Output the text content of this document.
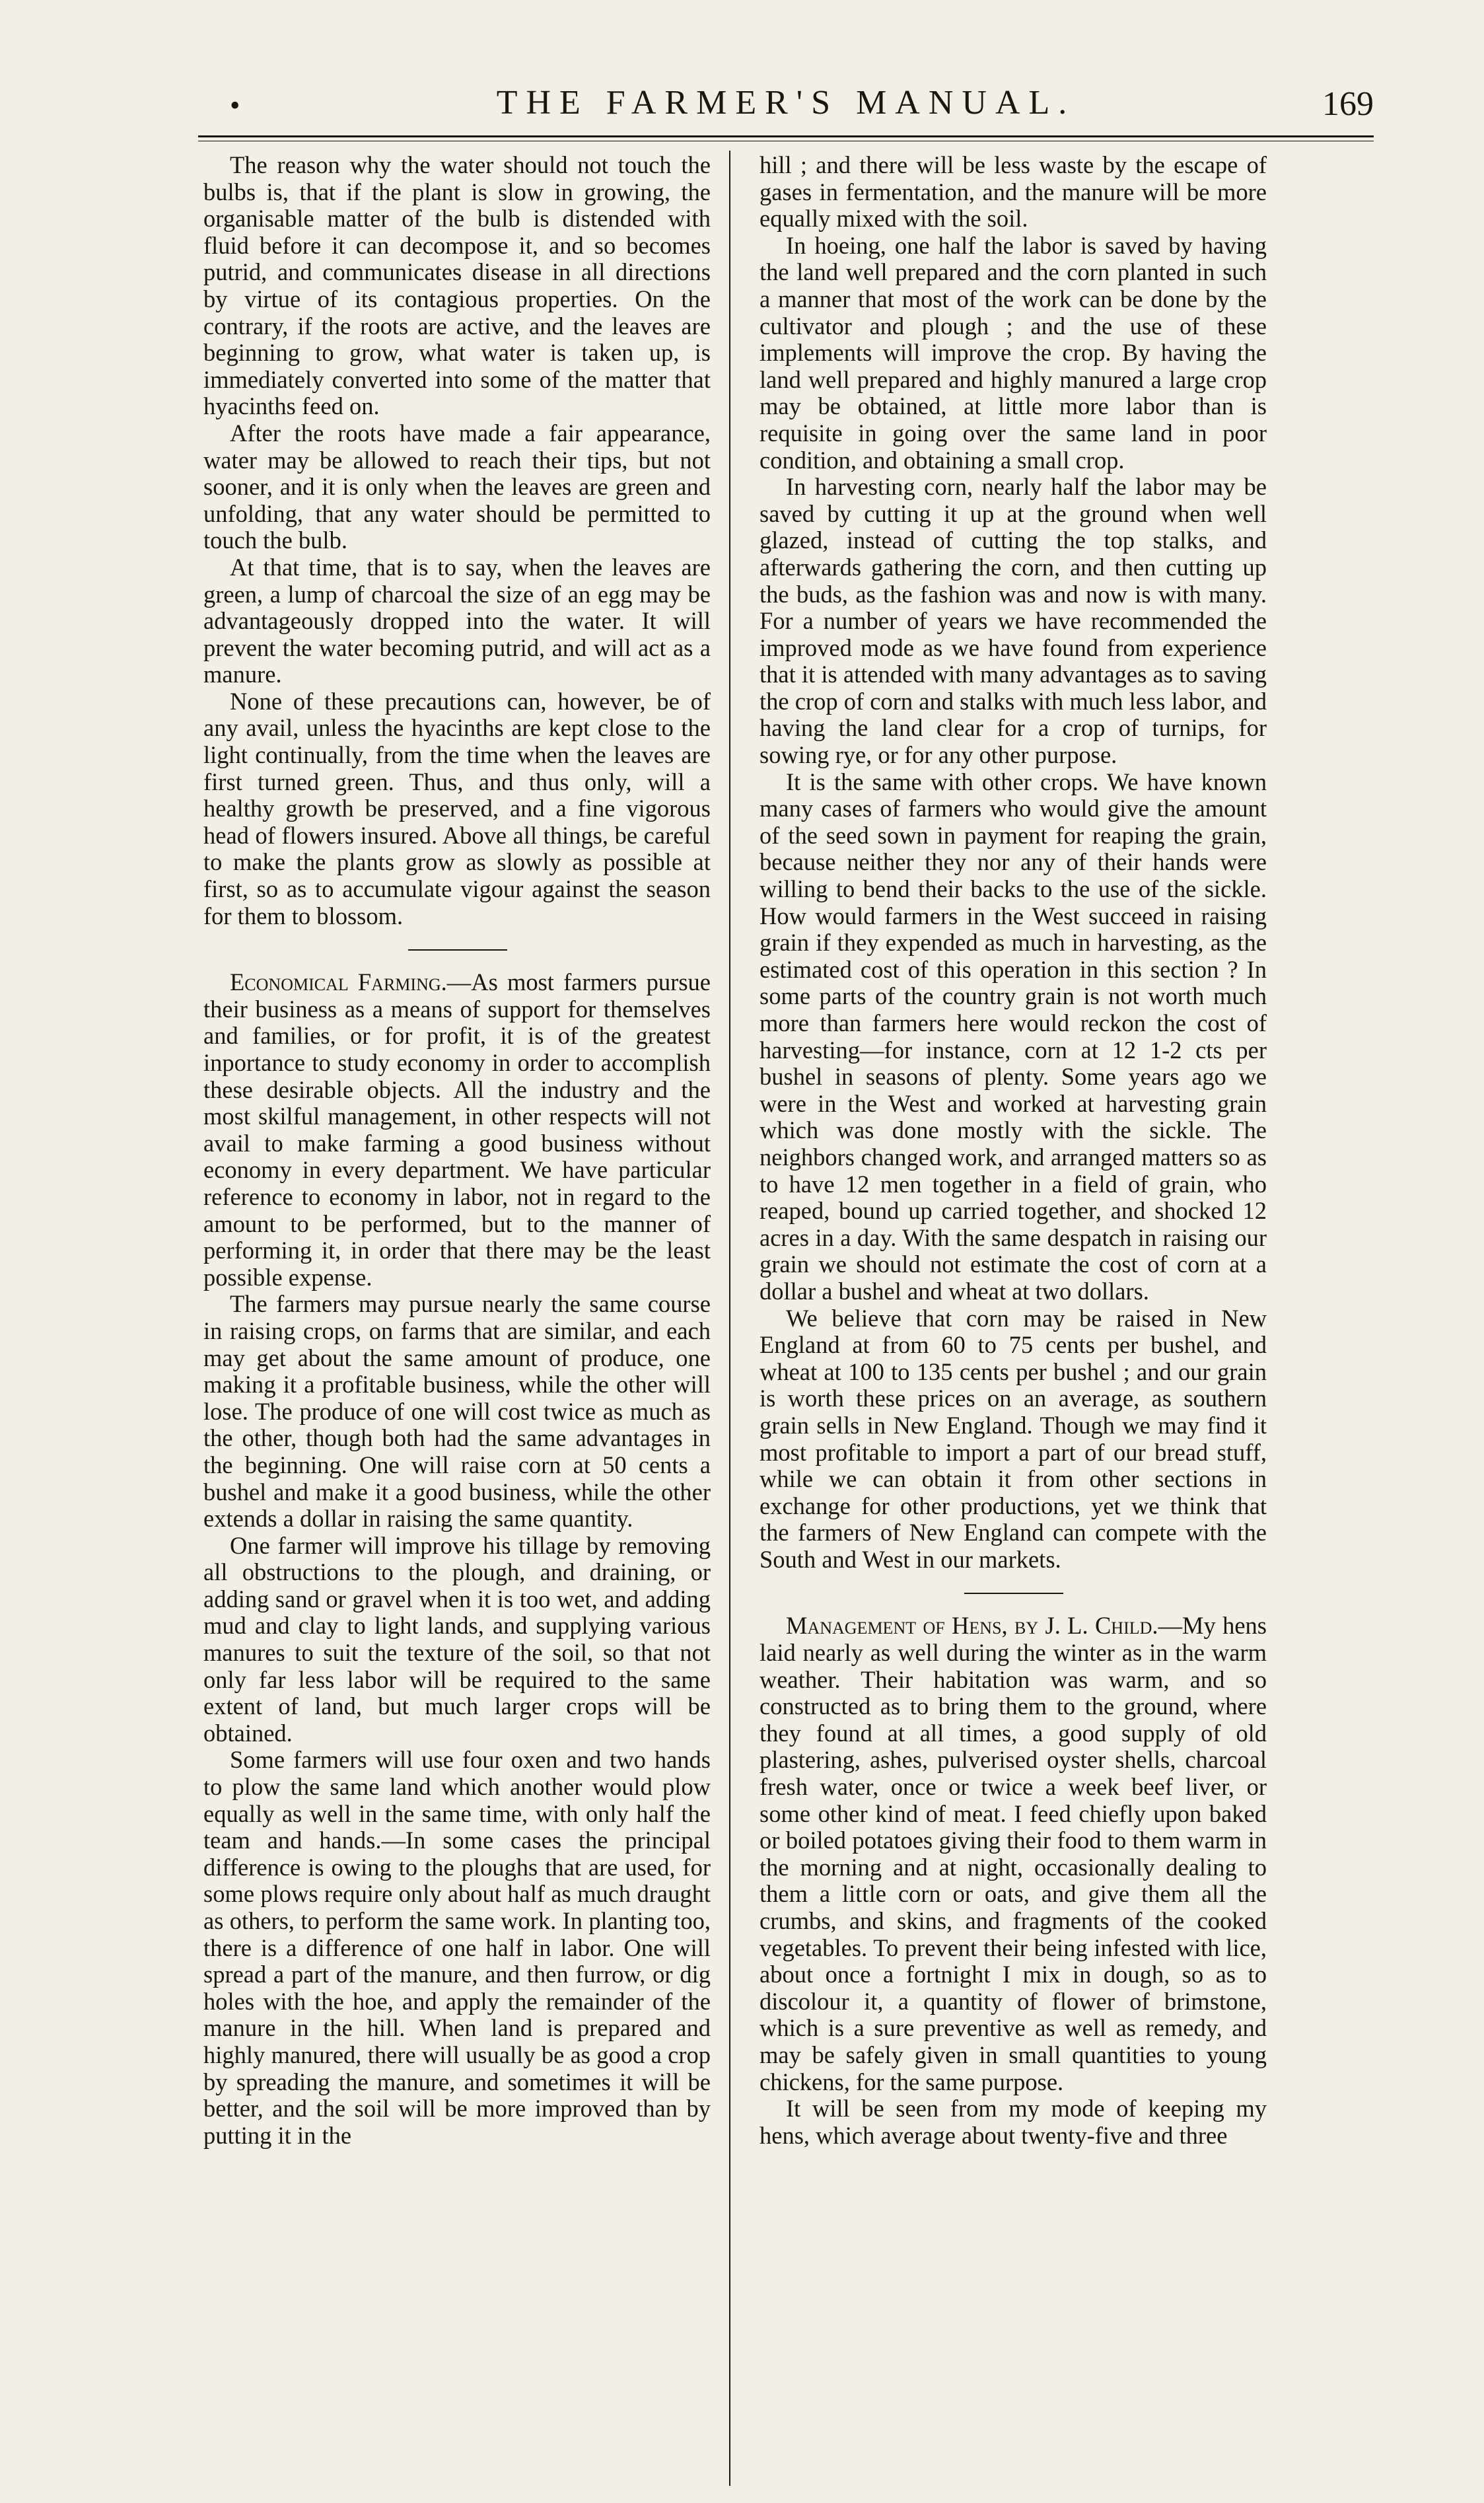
•	THE FARMER'S MANUAL.	169

The reason why the water should not touch the bulbs is, that if the plant is slow in growing, the organisable matter of the bulb is distended with fluid before it can decompose it, and so becomes putrid, and communicates disease in all directions by virtue of its contagious properties. On the contrary, if the roots are active, and the leaves are beginning to grow, what water is taken up, is immediately converted into some of the matter that hyacinths feed on.

After the roots have made a fair appearance, water may be allowed to reach their tips, but not sooner, and it is only when the leaves are green and unfolding, that any water should be permitted to touch the bulb.

At that time, that is to say, when the leaves are green, a lump of charcoal the size of an egg may be advantageously dropped into the water. It will prevent the water becoming putrid, and will act as a manure.

None of these precautions can, however, be of any avail, unless the hyacinths are kept close to the light continually, from the time when the leaves are first turned green. Thus, and thus only, will a healthy growth be preserved, and a fine vigorous head of flowers insured. Above all things, be careful to make the plants grow as slowly as possible at first, so as to accumulate vigour against the season for them to blossom.

Economical Farming.—As most farmers pursue their business as a means of support for themselves and families, or for profit, it is of the greatest inportance to study economy in order to accomplish these desirable objects. All the industry and the most skilful management, in other respects will not avail to make farming a good business without economy in every department. We have particular reference to economy in labor, not in regard to the amount to be performed, but to the manner of performing it, in order that there may be the least possible expense.

The farmers may pursue nearly the same course in raising crops, on farms that are similar, and each may get about the same amount of produce, one making it a profitable business, while the other will lose. The produce of one will cost twice as much as the other, though both had the same advantages in the beginning. One will raise corn at 50 cents a bushel and make it a good business, while the other extends a dollar in raising the same quantity.

One farmer will improve his tillage by removing all obstructions to the plough, and draining, or adding sand or gravel when it is too wet, and adding mud and clay to light lands, and supplying various manures to suit the texture of the soil, so that not only far less labor will be required to the same extent of land, but much larger crops will be obtained.

Some farmers will use four oxen and two hands to plow the same land which another would plow equally as well in the same time, with only half the team and hands.—In some cases the principal difference is owing to the ploughs that are used, for some plows require only about half as much draught as others, to perform the same work. In planting too, there is a difference of one half in labor. One will spread a part of the manure, and then furrow, or dig holes with the hoe, and apply the remainder of the manure in the hill. When land is prepared and highly manured, there will usually be as good a crop by spreading the manure, and sometimes it will be better, and the soil will be more improved than by putting it in the

hill ; and there will be less waste by the escape of gases in fermentation, and the manure will be more equally mixed with the soil.

In hoeing, one half the labor is saved by having the land well prepared and the corn planted in such a manner that most of the work can be done by the cultivator and plough ; and the use of these implements will improve the crop. By having the land well prepared and highly manured a large crop may be obtained, at little more labor than is requisite in going over the same land in poor condition, and obtaining a small crop.

In harvesting corn, nearly half the labor may be saved by cutting it up at the ground when well glazed, instead of cutting the top stalks, and afterwards gathering the corn, and then cutting up the buds, as the fashion was and now is with many. For a number of years we have recommended the improved mode as we have found from experience that it is attended with many advantages as to saving the crop of corn and stalks with much less labor, and having the land clear for a crop of turnips, for sowing rye, or for any other purpose.

It is the same with other crops. We have known many cases of farmers who would give the amount of the seed sown in payment for reaping the grain, because neither they nor any of their hands were willing to bend their backs to the use of the sickle. How would farmers in the West succeed in raising grain if they expended as much in harvesting, as the estimated cost of this operation in this section ? In some parts of the country grain is not worth much more than farmers here would reckon the cost of harvesting—for instance, corn at 12 1-2 cts per bushel in seasons of plenty. Some years ago we were in the West and worked at harvesting grain which was done mostly with the sickle. The neighbors changed work, and arranged matters so as to have 12 men together in a field of grain, who reaped, bound up carried together, and shocked 12 acres in a day. With the same despatch in raising our grain we should not estimate the cost of corn at a dollar a bushel and wheat at two dollars.

We believe that corn may be raised in New England at from 60 to 75 cents per bushel, and wheat at 100 to 135 cents per bushel ; and our grain is worth these prices on an average, as southern grain sells in New England. Though we may find it most profitable to import a part of our bread stuff, while we can obtain it from other sections in exchange for other productions, yet we think that the farmers of New England can compete with the South and West in our markets.

Management of Hens, by J. L. Child.—My hens laid nearly as well during the winter as in the warm weather. Their habitation was warm, and so constructed as to bring them to the ground, where they found at all times, a good supply of old plastering, ashes, pulverised oyster shells, charcoal fresh water, once or twice a week beef liver, or some other kind of meat. I feed chiefly upon baked or boiled potatoes giving their food to them warm in the morning and at night, occasionally dealing to them a little corn or oats, and give them all the crumbs, and skins, and fragments of the cooked vegetables. To prevent their being infested with lice, about once a fortnight I mix in dough, so as to discolour it, a quantity of flower of brimstone, which is a sure preventive as well as remedy, and may be safely given in small quantities to young chickens, for the same purpose.

It will be seen from my mode of keeping my hens, which average about twenty-five and three
